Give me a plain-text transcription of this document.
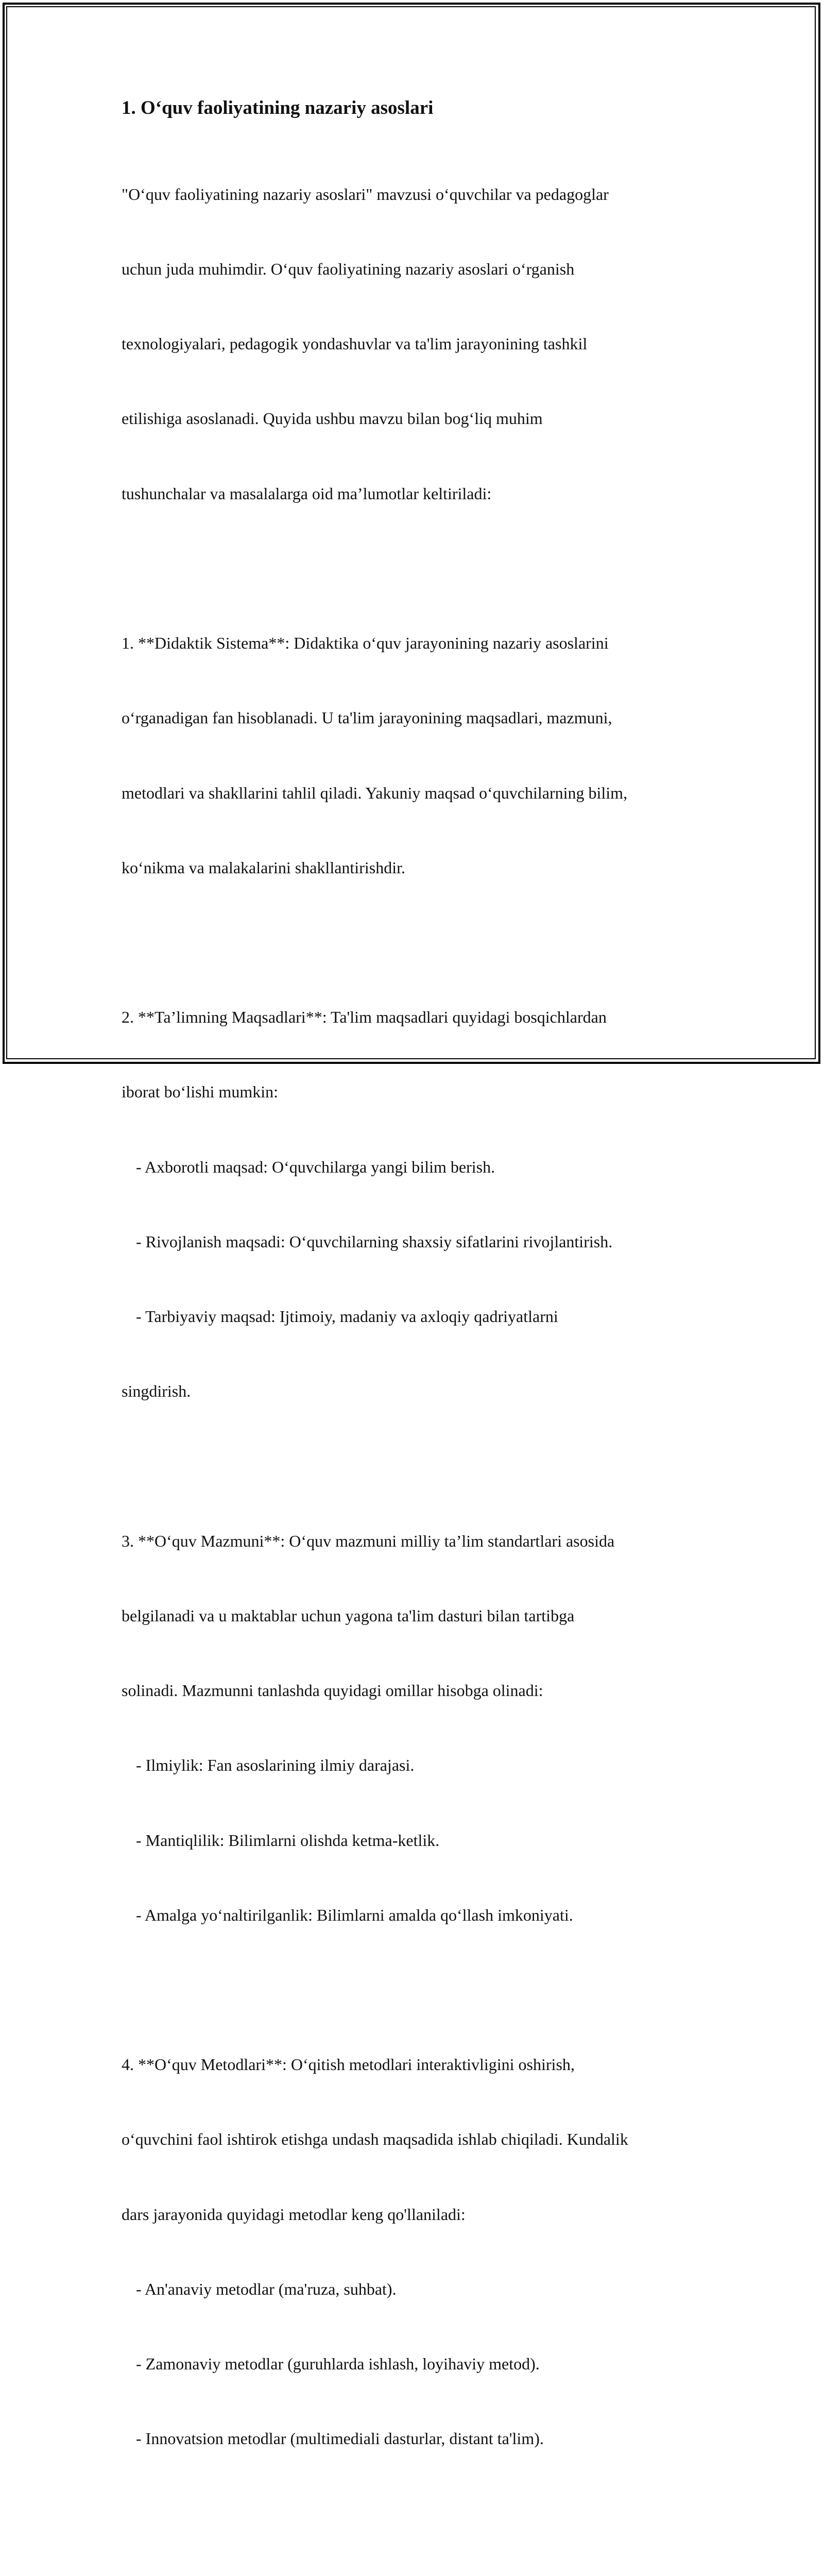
1. O‘quv faoliyatining nazariy asoslari

"O‘quv faoliyatining nazariy asoslari" mavzusi o‘quvchilar va pedagoglar

uchun juda muhimdir. O‘quv faoliyatining nazariy asoslari o‘rganish

texnologiyalari, pedagogik yondashuvlar va ta'lim jarayonining tashkil

etilishiga asoslanadi. Quyida ushbu mavzu bilan bog‘liq muhim

tushunchalar va masalalarga oid ma’lumotlar keltiriladi:

1. **Didaktik Sistema**: Didaktika o‘quv jarayonining nazariy asoslarini

o‘rganadigan fan hisoblanadi. U ta'lim jarayonining maqsadlari, mazmuni,

metodlari va shakllarini tahlil qiladi. Yakuniy maqsad o‘quvchilarning bilim,

ko‘nikma va malakalarini shakllantirishdir.

2. **Ta’limning Maqsadlari**: Ta'lim maqsadlari quyidagi bosqichlardan

iborat bo‘lishi mumkin:

- Axborotli maqsad: O‘quvchilarga yangi bilim berish.

- Rivojlanish maqsadi: O‘quvchilarning shaxsiy sifatlarini rivojlantirish.

- Tarbiyaviy maqsad: Ijtimoiy, madaniy va axloqiy qadriyatlarni

singdirish.

3. **O‘quv Mazmuni**: O‘quv mazmuni milliy ta’lim standartlari asosida

belgilanadi va u maktablar uchun yagona ta'lim dasturi bilan tartibga

solinadi. Mazmunni tanlashda quyidagi omillar hisobga olinadi:

- Ilmiylik: Fan asoslarining ilmiy darajasi.

- Mantiqlilik: Bilimlarni olishda ketma-ketlik.

- Amalga yo‘naltirilganlik: Bilimlarni amalda qo‘llash imkoniyati.

4. **O‘quv Metodlari**: O‘qitish metodlari interaktivligini oshirish,

o‘quvchini faol ishtirok etishga undash maqsadida ishlab chiqiladi. Kundalik

dars jarayonida quyidagi metodlar keng qo'llaniladi:

- An'anaviy metodlar (ma'ruza, suhbat).

- Zamonaviy metodlar (guruhlarda ishlash, loyihaviy metod).

- Innovatsion metodlar (multimediali dasturlar, distant ta'lim).
